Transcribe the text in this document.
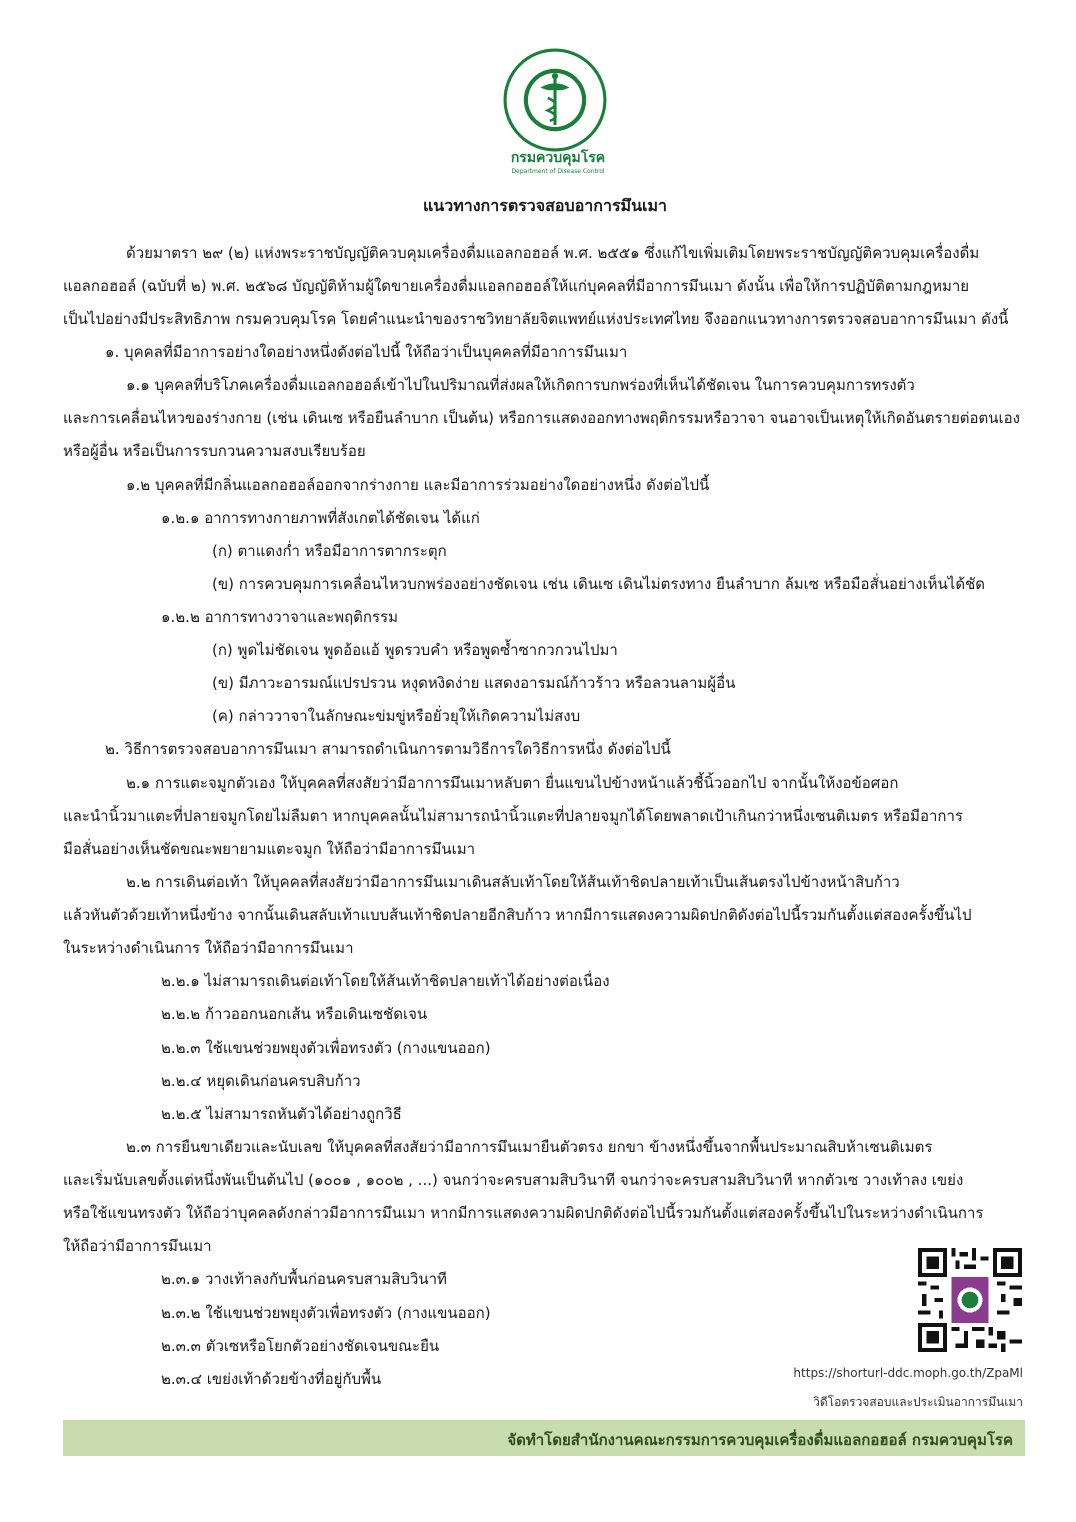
กรมควบคุมโรค
Department of Disease Control
แนวทางการตรวจสอบอาการมึนเมา
ด้วยมาตรา ๒๙ (๒) แห่งพระราชบัญญัติควบคุมเครื่องดื่มแอลกอฮอล์ พ.ศ. ๒๕๕๑ ซึ่งแก้ไขเพิ่มเติมโดยพระราชบัญญัติควบคุมเครื่องดื่ม
แอลกอฮอล์ (ฉบับที่ ๒) พ.ศ. ๒๕๖๘ บัญญัติห้ามผู้ใดขายเครื่องดื่มแอลกอฮอล์ให้แก่บุคคลที่มีอาการมึนเมา ดังนั้น เพื่อให้การปฏิบัติตามกฎหมาย
เป็นไปอย่างมีประสิทธิภาพ กรมควบคุมโรค โดยคำแนะนำของราชวิทยาลัยจิตแพทย์แห่งประเทศไทย จึงออกแนวทางการตรวจสอบอาการมึนเมา ดังนี้
๑. บุคคลที่มีอาการอย่างใดอย่างหนึ่งดังต่อไปนี้ ให้ถือว่าเป็นบุคคลที่มีอาการมึนเมา
๑.๑ บุคคลที่บริโภคเครื่องดื่มแอลกอฮอล์เข้าไปในปริมาณที่ส่งผลให้เกิดการบกพร่องที่เห็นได้ชัดเจน ในการควบคุมการทรงตัว
และการเคลื่อนไหวของร่างกาย (เช่น เดินเซ หรือยืนลำบาก เป็นต้น) หรือการแสดงออกทางพฤติกรรมหรือวาจา จนอาจเป็นเหตุให้เกิดอันตรายต่อตนเอง
หรือผู้อื่น หรือเป็นการรบกวนความสงบเรียบร้อย
๑.๒ บุคคลที่มีกลิ่นแอลกอฮอล์ออกจากร่างกาย และมีอาการร่วมอย่างใดอย่างหนึ่ง ดังต่อไปนี้
๑.๒.๑ อาการทางกายภาพที่สังเกตได้ชัดเจน ได้แก่
(ก) ตาแดงก่ำ หรือมีอาการตากระตุก
(ข) การควบคุมการเคลื่อนไหวบกพร่องอย่างชัดเจน เช่น เดินเซ เดินไม่ตรงทาง ยืนลำบาก ล้มเซ หรือมือสั่นอย่างเห็นได้ชัด
๑.๒.๒ อาการทางวาจาและพฤติกรรม
(ก) พูดไม่ชัดเจน พูดอ้อแอ้ พูดรวบคำ หรือพูดซ้ำซากวกวนไปมา
(ข) มีภาวะอารมณ์แปรปรวน หงุดหงิดง่าย แสดงอารมณ์ก้าวร้าว หรือลวนลามผู้อื่น
(ค) กล่าววาจาในลักษณะข่มขู่หรือยั่วยุให้เกิดความไม่สงบ
๒. วิธีการตรวจสอบอาการมึนเมา สามารถดำเนินการตามวิธีการใดวิธีการหนึ่ง ดังต่อไปนี้
๒.๑ การแตะจมูกตัวเอง ให้บุคคลที่สงสัยว่ามีอาการมึนเมาหลับตา ยื่นแขนไปข้างหน้าแล้วชี้นิ้วออกไป จากนั้นให้งอข้อศอก
และนำนิ้วมาแตะที่ปลายจมูกโดยไม่ลืมตา หากบุคคลนั้นไม่สามารถนำนิ้วแตะที่ปลายจมูกได้โดยพลาดเป้าเกินกว่าหนึ่งเซนติเมตร หรือมีอาการ
มือสั่นอย่างเห็นชัดขณะพยายามแตะจมูก ให้ถือว่ามีอาการมึนเมา
๒.๒ การเดินต่อเท้า ให้บุคคลที่สงสัยว่ามีอาการมึนเมาเดินสลับเท้าโดยให้ส้นเท้าชิดปลายเท้าเป็นเส้นตรงไปข้างหน้าสิบก้าว
แล้วหันตัวด้วยเท้าหนึ่งข้าง จากนั้นเดินสลับเท้าแบบส้นเท้าชิดปลายอีกสิบก้าว หากมีการแสดงความผิดปกติดังต่อไปนี้รวมกันตั้งแต่สองครั้งขึ้นไป
ในระหว่างดำเนินการ ให้ถือว่ามีอาการมึนเมา
๒.๒.๑ ไม่สามารถเดินต่อเท้าโดยให้ส้นเท้าชิดปลายเท้าได้อย่างต่อเนื่อง
๒.๒.๒ ก้าวออกนอกเส้น หรือเดินเซชัดเจน
๒.๒.๓ ใช้แขนช่วยพยุงตัวเพื่อทรงตัว (กางแขนออก)
๒.๒.๔ หยุดเดินก่อนครบสิบก้าว
๒.๒.๕ ไม่สามารถหันตัวได้อย่างถูกวิธี
๒.๓ การยืนขาเดียวและนับเลข ให้บุคคลที่สงสัยว่ามีอาการมึนเมายืนตัวตรง ยกขา ข้างหนึ่งขึ้นจากพื้นประมาณสิบห้าเซนติเมตร
และเริ่มนับเลขตั้งแต่หนึ่งพันเป็นต้นไป (๑๐๐๑ , ๑๐๐๒ , ...) จนกว่าจะครบสามสิบวินาที จนกว่าจะครบสามสิบวินาที หากตัวเซ วางเท้าลง เขย่ง
หรือใช้แขนทรงตัว ให้ถือว่าบุคคลดังกล่าวมีอาการมึนเมา หากมีการแสดงความผิดปกติดังต่อไปนี้รวมกันตั้งแต่สองครั้งขึ้นไปในระหว่างดำเนินการ
ให้ถือว่ามีอาการมึนเมา
๒.๓.๑ วางเท้าลงกับพื้นก่อนครบสามสิบวินาที
๒.๓.๒ ใช้แขนช่วยพยุงตัวเพื่อทรงตัว (กางแขนออก)
๒.๓.๓ ตัวเซหรือโยกตัวอย่างชัดเจนขณะยืน
๒.๓.๔ เขย่งเท้าด้วยข้างที่อยู่กับพื้น	https://shorturl-ddc.moph.go.th/ZpaMl
วิดีโอตรวจสอบและประเมินอาการมึนเมา
จัดทำโดยสำนักงานคณะกรรมการควบคุมเครื่องดื่มแอลกอฮอล์ กรมควบคุมโรค
